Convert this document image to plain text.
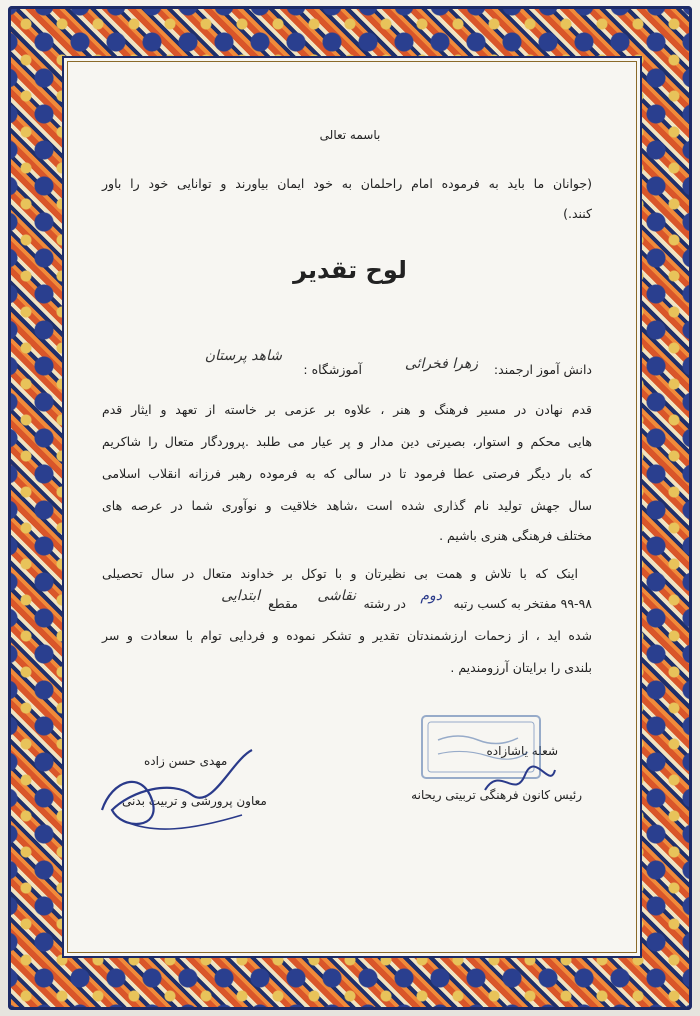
باسمه تعالی
(جوانان ما باید به فرموده امام راحلمان به خود ایمان بیاورند و توانایی خود را باور
کنند.)
لوح تقدیر
دانش آموز ارجمند:
زهرا فخرائی
آموزشگاه :
شاهد پرستان
قدم نهادن در مسیر فرهنگ و هنر ، علاوه بر عزمی بر خاسته از تعهد و ایثار قدم
هایی محکم و استوار، بصیرتی دین مدار و پر عیار می طلبد .پروردگار متعال را شاکریم
که بار دیگر فرصتی عطا فرمود تا در سالی که به فرموده رهبر فرزانه انقلاب اسلامی
سال جهش تولید نام گذاری شده است ،شاهد خلاقیت و نوآوری شما در عرصه های
مختلف فرهنگی هنری باشیم .
اینک که با تلاش و همت بی نظیرتان و با توکل بر خداوند متعال در سال تحصیلی
۹۹-۹۸ مفتخر به کسب رتبه
دوم
در رشته
نقاشی
مقطع
ابتدایی
شده اید ، از زحمات ارزشمندتان تقدیر و تشکر نموده و فردایی توام با سعادت و سر
بلندی را برایتان آرزومندیم .
شعله یاشازاده
رئیس کانون فرهنگی تربیتی ریحانه
مهدی حسن زاده
معاون پرورشی و تربیت بدنی
